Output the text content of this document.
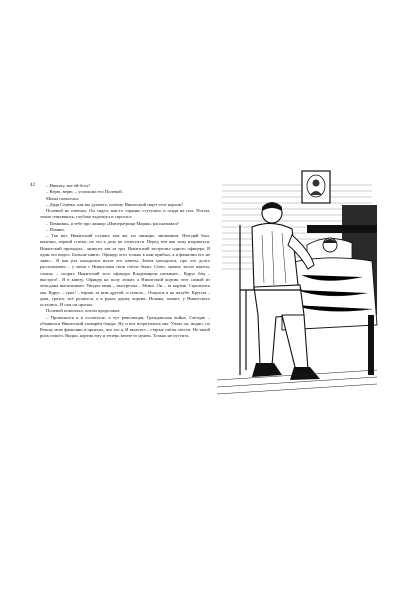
42	– Никому, вот ей-богу!

– Верю, верю, – успокоил его Полевой.

Миша помолчал:

– Дядя Серёжа, как вы думаете, почему Никитский ищет этот кортик?

Полевой не отвечал. Он сидел, как-то странно ссутулясь и глядя на пол. Потом, точно очнувшись, глубоко вздохнул и спросил:

– Помнишь, я тебе про линкор «Императрица Мария» рассказывал?

– Помню.

– Так вот. Никитский служил там же, на линкоре, мичманом. Негодяй был, конечно, первой статьи, но это к делу не относится. Перед тем как тому взорваться, Никитский приходил... минуты так за три. Никитский застрелил одного офицера. Я один это видел. Больше никто. Офицер этот только к нам прибыл, а я фамилии его не знаю... Я как раз находился возле его каюты. Зачем находился, про это долго рассказывать – у меня с Никитским свои счёты были. Стою, значит, возле каюты, слышу – спорят. Никитский того офицера Владимиром называет... Вдруг бац – выстрел!.. Я в каюту. Офицер на полу лежит, а Никитский кортик этот самый из чемодана вытаскивает. Увидел меня – выстрелил... Мимо. Он – за кортик. Сцепились мы. Вдруг – трах! – взрыв, за ним другой, и пошло... Очнулся я на палубе. Кругом – дым, грохот, всё рушится, а в руках держу кортик. Ножны, значит, у Никитского остались. И сам он пропал.

Полевой помолчал, потом продолжал:

– Провалялся я в госпитале, а тут революция, Гражданская война. Смотрю – объявился Никитский главарём банды. Ну и вот встретились мы. Узнал он, видно, по Ревску мою фамилию и приехал, что это я. И вылетел – старые счёты свести. На такой риск пошёл. Видно, кортик ему и теперь зачем-то нужен. Только не пустить.
